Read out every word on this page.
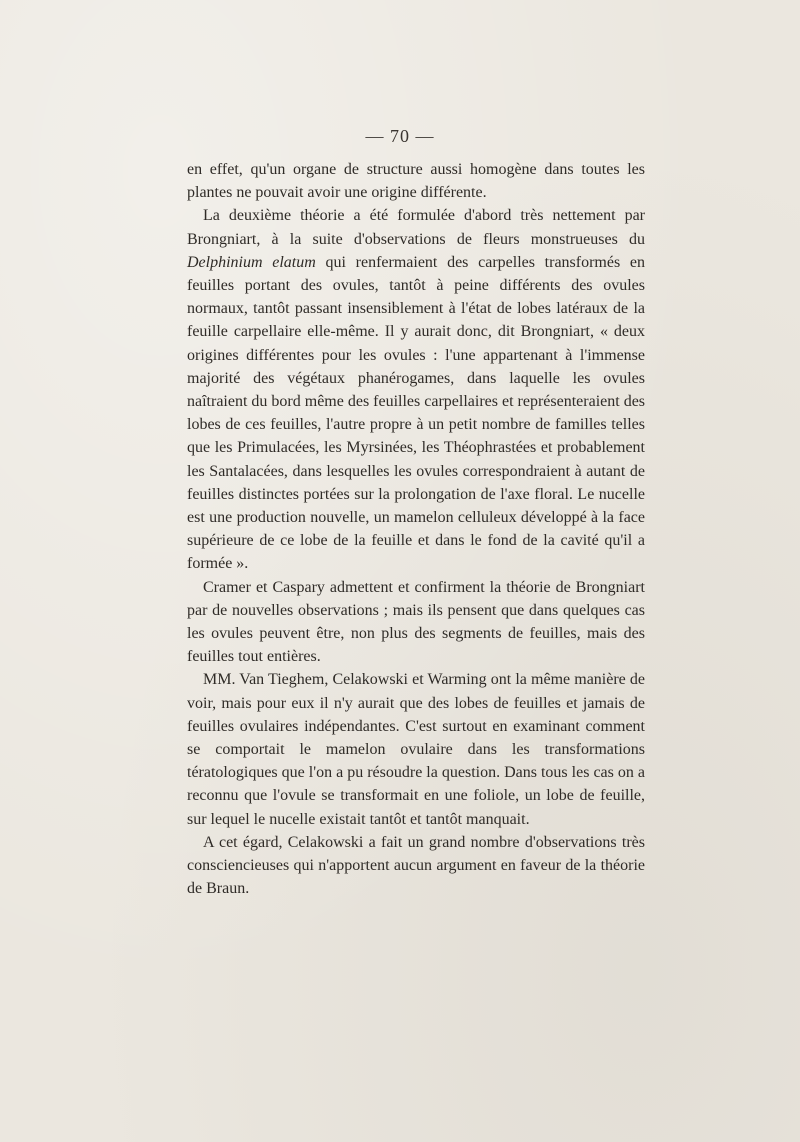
— 70 —

en effet, qu'un organe de structure aussi homogène dans toutes les plantes ne pouvait avoir une origine différente.

La deuxième théorie a été formulée d'abord très nettement par Brongniart, à la suite d'observations de fleurs monstrueuses du Delphinium elatum qui renfermaient des carpelles transformés en feuilles portant des ovules, tantôt à peine différents des ovules normaux, tantôt passant insensiblement à l'état de lobes latéraux de la feuille carpellaire elle-même. Il y aurait donc, dit Brongniart, « deux origines différentes pour les ovules : l'une appartenant à l'immense majorité des végétaux phanérogames, dans laquelle les ovules naîtraient du bord même des feuilles carpellaires et représenteraient des lobes de ces feuilles, l'autre propre à un petit nombre de familles telles que les Primulacées, les Myrsinées, les Théophrastées et probablement les Santalacées, dans lesquelles les ovules correspondraient à autant de feuilles distinctes portées sur la prolongation de l'axe floral. Le nucelle est une production nouvelle, un mamelon celluleux développé à la face supérieure de ce lobe de la feuille et dans le fond de la cavité qu'il a formée ».

Cramer et Caspary admettent et confirment la théorie de Brongniart par de nouvelles observations ; mais ils pensent que dans quelques cas les ovules peuvent être, non plus des segments de feuilles, mais des feuilles tout entières.

MM. Van Tieghem, Celakowski et Warming ont la même manière de voir, mais pour eux il n'y aurait que des lobes de feuilles et jamais de feuilles ovulaires indépendantes. C'est surtout en examinant comment se comportait le mamelon ovulaire dans les transformations tératologiques que l'on a pu résoudre la question. Dans tous les cas on a reconnu que l'ovule se transformait en une foliole, un lobe de feuille, sur lequel le nucelle existait tantôt et tantôt manquait.

A cet égard, Celakowski a fait un grand nombre d'observations très consciencieuses qui n'apportent aucun argument en faveur de la théorie de Braun.
